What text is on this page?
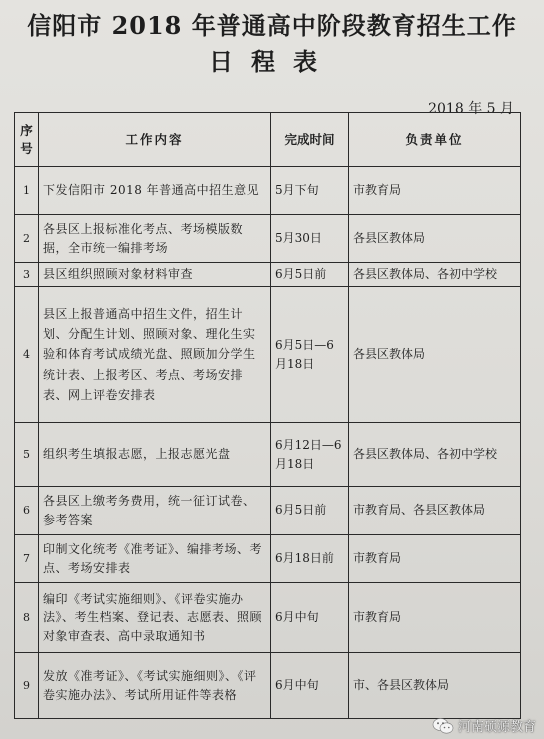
信阳市 2018 年普通高中阶段教育招生工作
日程表
2018 年 5 月
序号	工作内容	完成时间	负责单位
1	下发信阳市 2018 年普通高中招生意见	5月下旬	市教育局
2	各县区上报标准化考点、考场模版数据，全市统一编排考场	5月30日	各县区教体局
3	县区组织照顾对象材料审查	6月5日前	各县区教体局、各初中学校
4	县区上报普通高中招生文件，招生计划、分配生计划、照顾对象、理化生实验和体育考试成绩光盘、照顾加分学生统计表、上报考区、考点、考场安排表、网上评卷安排表	6月5日—6月18日	各县区教体局
5	组织考生填报志愿，上报志愿光盘	6月12日—6月18日	各县区教体局、各初中学校
6	各县区上缴考务费用，统一征订试卷、参考答案	6月5日前	市教育局、各县区教体局
7	印制文化统考《准考证》、编排考场、考点、考场安排表	6月18日前	市教育局
8	编印《考试实施细则》、《评卷实施办法》、考生档案、登记表、志愿表、照顾对象审查表、高中录取通知书	6月中旬	市教育局
9	发放《准考证》、《考试实施细则》、《评卷实施办法》、考试所用证件等表格	6月中旬	市、各县区教体局
河南硕源教育
